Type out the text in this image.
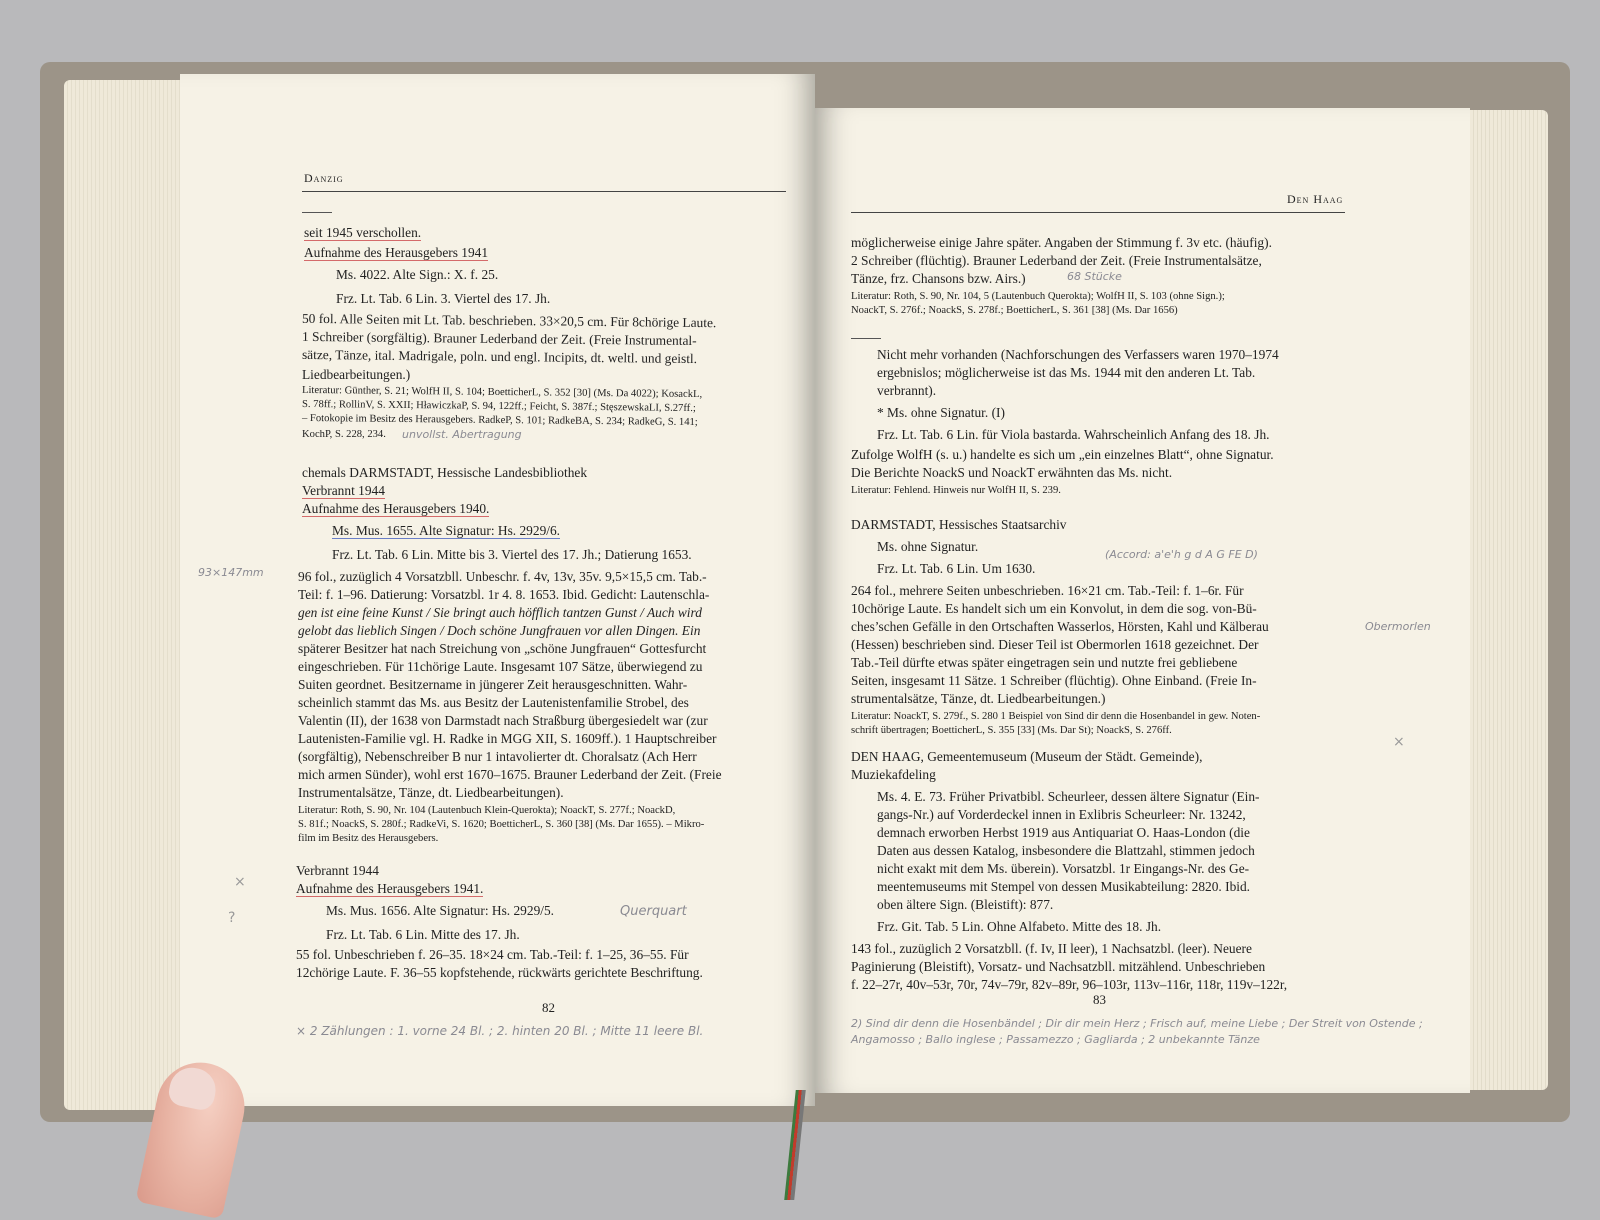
Danzig
seit 1945 verschollen.
Aufnahme des Herausgebers 1941
Ms. 4022. Alte Sign.: X. f. 25.
Frz. Lt. Tab. 6 Lin. 3. Viertel des 17. Jh.
50 fol. Alle Seiten mit Lt. Tab. beschrieben. 33×20,5 cm. Für 8chörige Laute.
1 Schreiber (sorgfältig). Brauner Lederband der Zeit. (Freie Instrumental-
sätze, Tänze, ital. Madrigale, poln. und engl. Incipits, dt. weltl. und geistl.
Liedbearbeitungen.)
Literatur: Günther, S. 21; WolfH II, S. 104; BoetticherL, S. 352 [30] (Ms. Da 4022); KosackL,
S. 78ff.; RollinV, S. XXII; HławiczkaP, S. 94, 122ff.; Feicht, S. 387f.; StęszewskaLI, S.27ff.;
– Fotokopie im Besitz des Herausgebers. RadkeP, S. 101; RadkeBA, S. 234; RadkeG, S. 141;
KochP, S. 228, 234. unvollst. Abertragung
chemals DARMSTADT, Hessische Landesbibliothek
Verbrannt 1944
Aufnahme des Herausgebers 1940.
Ms. Mus. 1655. Alte Signatur: Hs. 2929/6.
Frz. Lt. Tab. 6 Lin. Mitte bis 3. Viertel des 17. Jh.; Datierung 1653.
93×147mm	96 fol., zuzüglich 4 Vorsatzbll. Unbeschr. f. 4v, 13v, 35v. 9,5×15,5 cm. Tab.-
Teil: f. 1–96. Datierung: Vorsatzbl. 1r 4. 8. 1653. Ibid. Gedicht: Lautenschla-
gen ist eine feine Kunst / Sie bringt auch höfflich tantzen Gunst / Auch wird
gelobt das lieblich Singen / Doch schöne Jungfrauen vor allen Dingen. Ein
späterer Besitzer hat nach Streichung von „schöne Jungfrauen“ Gottesfurcht
eingeschrieben. Für 11chörige Laute. Insgesamt 107 Sätze, überwiegend zu
Suiten geordnet. Besitzername in jüngerer Zeit herausgeschnitten. Wahr-
scheinlich stammt das Ms. aus Besitz der Lautenistenfamilie Strobel, des
Valentin (II), der 1638 von Darmstadt nach Straßburg übergesiedelt war (zur
Lautenisten-Familie vgl. H. Radke in MGG XII, S. 1609ff.). 1 Hauptschreiber
(sorgfältig), Nebenschreiber B nur 1 intavolierter dt. Choralsatz (Ach Herr
mich armen Sünder), wohl erst 1670–1675. Brauner Lederband der Zeit. (Freie
Instrumentalsätze, Tänze, dt. Liedbearbeitungen).
Literatur: Roth, S. 90, Nr. 104 (Lautenbuch Klein-Querokta); NoackT, S. 277f.; NoackD,
S. 81f.; NoackS, S. 280f.; RadkeVi, S. 1620; BoetticherL, S. 360 [38] (Ms. Dar 1655). – Mikro-
film im Besitz des Herausgebers.
×
?
Verbrannt 1944
Aufnahme des Herausgebers 1941.
Ms. Mus. 1656. Alte Signatur: Hs. 2929/5.	Querquart
Frz. Lt. Tab. 6 Lin. Mitte des 17. Jh.
55 fol. Unbeschrieben f. 26–35. 18×24 cm. Tab.-Teil: f. 1–25, 36–55. Für
12chörige Laute. F. 36–55 kopfstehende, rückwärts gerichtete Beschriftung.
82
× 2 Zählungen : 1. vorne 24 Bl. ; 2. hinten 20 Bl. ; Mitte 11 leere Bl.
Den Haag
möglicherweise einige Jahre später. Angaben der Stimmung f. 3v etc. (häufig).
2 Schreiber (flüchtig). Brauner Lederband der Zeit. (Freie Instrumentalsätze,
Tänze, frz. Chansons bzw. Airs.)	68 Stücke
Literatur: Roth, S. 90, Nr. 104, 5 (Lautenbuch Querokta); WolfH II, S. 103 (ohne Sign.);
NoackT, S. 276f.; NoackS, S. 278f.; BoetticherL, S. 361 [38] (Ms. Dar 1656)
Nicht mehr vorhanden (Nachforschungen des Verfassers waren 1970–1974
ergebnislos; möglicherweise ist das Ms. 1944 mit den anderen Lt. Tab.
verbrannt).
* Ms. ohne Signatur. (I)
Frz. Lt. Tab. 6 Lin. für Viola bastarda. Wahrscheinlich Anfang des 18. Jh.
Zufolge WolfH (s. u.) handelte es sich um „ein einzelnes Blatt“, ohne Signatur.
Die Berichte NoackS und NoackT erwähnten das Ms. nicht.
Literatur: Fehlend. Hinweis nur WolfH II, S. 239.
DARMSTADT, Hessisches Staatsarchiv
Ms. ohne Signatur.
Frz. Lt. Tab. 6 Lin. Um 1630.
(Accord: a'e'h g d A G FE D)
264 fol., mehrere Seiten unbeschrieben. 16×21 cm. Tab.-Teil: f. 1–6r. Für
10chörige Laute. Es handelt sich um ein Konvolut, in dem die sog. von-Bü-
ches’schen Gefälle in den Ortschaften Wasserlos, Hörsten, Kahl und Kälberau
(Hessen) beschrieben sind. Dieser Teil ist Obermorlen 1618 gezeichnet. Der
Tab.-Teil dürfte etwas später eingetragen sein und nutzte frei gebliebene
Seiten, insgesamt 11 Sätze. 1 Schreiber (flüchtig). Ohne Einband. (Freie In-
strumentalsätze, Tänze, dt. Liedbearbeitungen.)
Obermorlen
Literatur: NoackT, S. 279f., S. 280 1 Beispiel von Sind dir denn die Hosenbandel in gew. Noten-
schrift übertragen; BoetticherL, S. 355 [33] (Ms. Dar St); NoackS, S. 276ff.
DEN HAAG, Gemeentemuseum (Museum der Städt. Gemeinde),
Muziekafdeling
Ms. 4. E. 73. Früher Privatbibl. Scheurleer, dessen ältere Signatur (Ein-
gangs-Nr.) auf Vorderdeckel innen in Exlibris Scheurleer: Nr. 13242,
demnach erworben Herbst 1919 aus Antiquariat O. Haas-London (die
Daten aus dessen Katalog, insbesondere die Blattzahl, stimmen jedoch
nicht exakt mit dem Ms. überein). Vorsatzbl. 1r Eingangs-Nr. des Ge-
meentemuseums mit Stempel von dessen Musikabteilung: 2820. Ibid.
oben ältere Sign. (Bleistift): 877.
Frz. Git. Tab. 5 Lin. Ohne Alfabeto. Mitte des 18. Jh.
143 fol., zuzüglich 2 Vorsatzbll. (f. Iv, II leer), 1 Nachsatzbl. (leer). Neuere
Paginierung (Bleistift), Vorsatz- und Nachsatzbll. mitzählend. Unbeschrieben
f. 22–27r, 40v–53r, 70r, 74v–79r, 82v–89r, 96–103r, 113v–116r, 118r, 119v–122r,
×
83
2) Sind dir denn die Hosenbändel ; Dir dir mein Herz ; Frisch auf, meine Liebe ; Der Streit von Ostende ; Angamosso ; Ballo inglese ; Passamezzo ; Gagliarda ; 2 unbekannte Tänze
